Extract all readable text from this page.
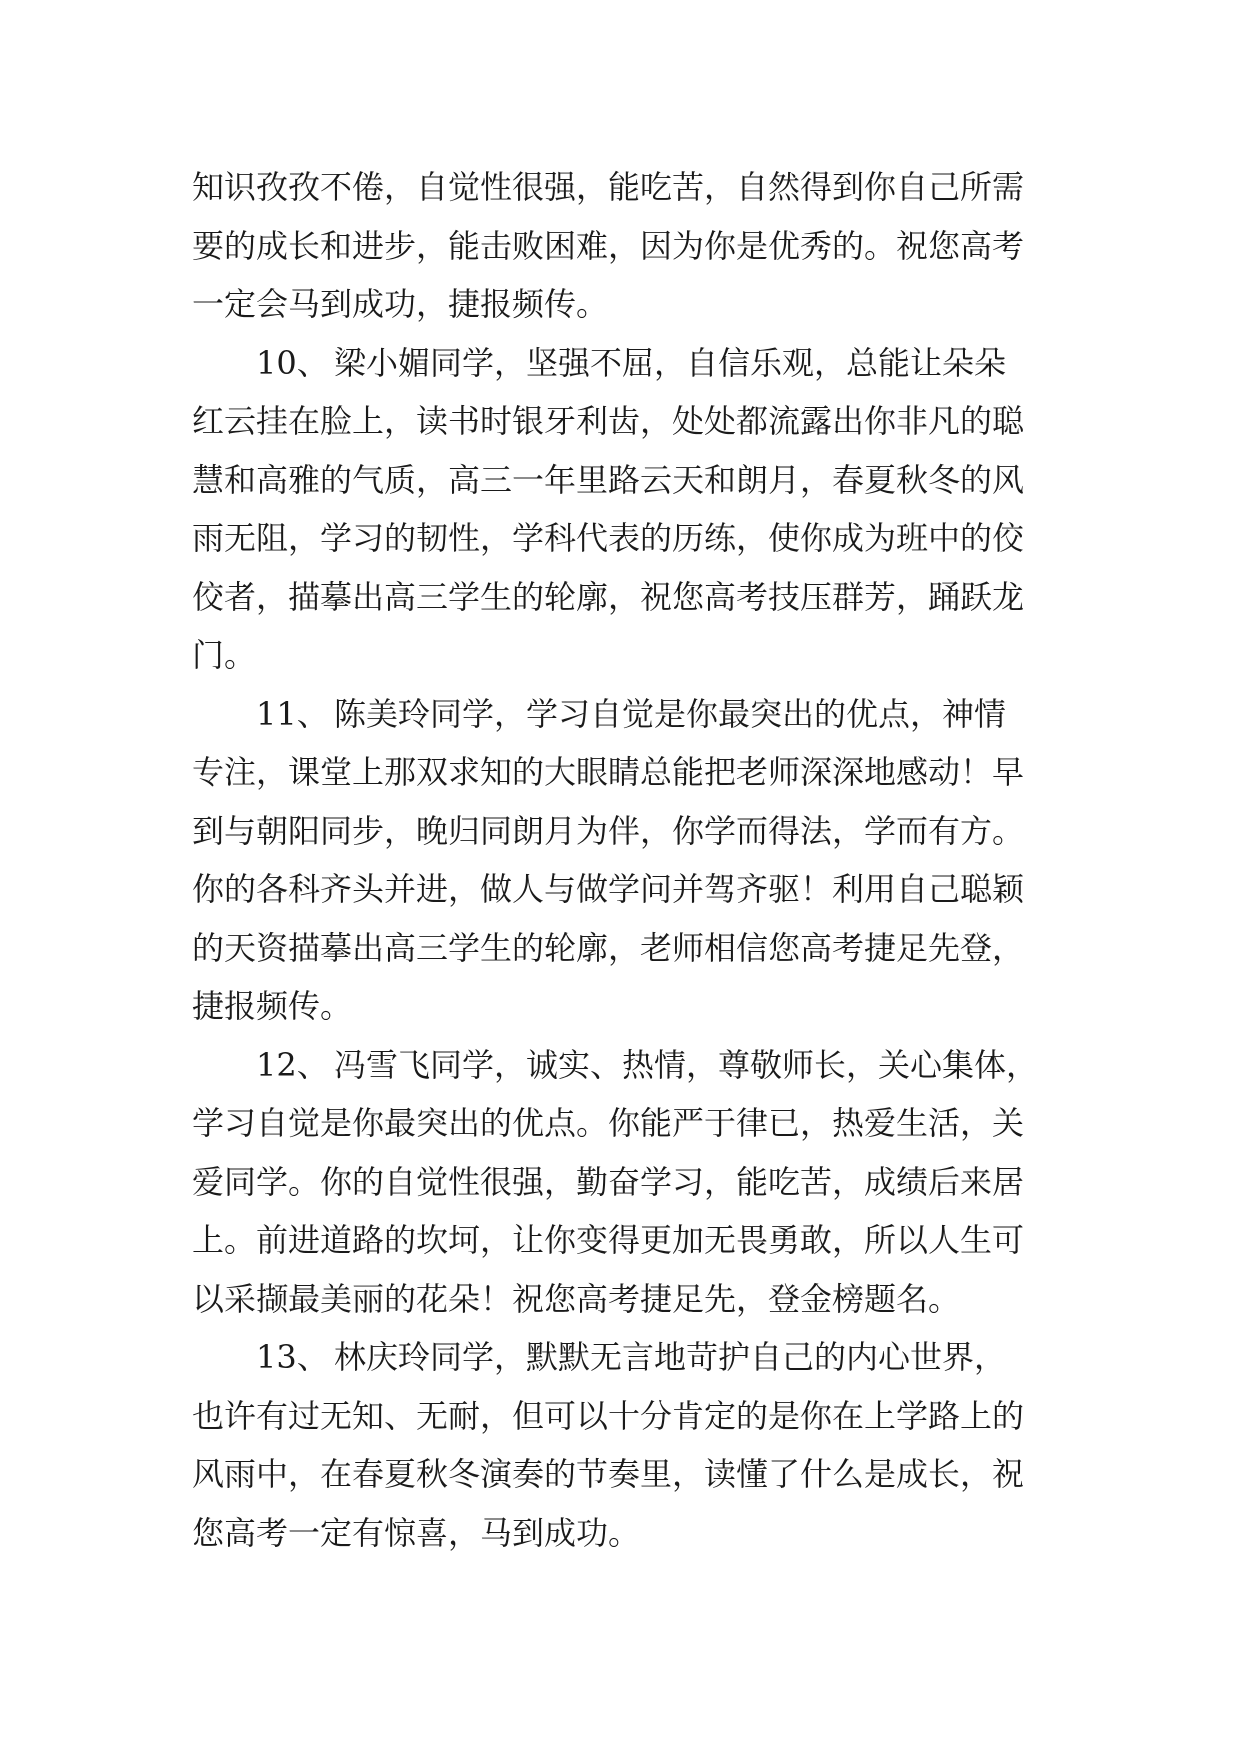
知识孜孜不倦，自觉性很强，能吃苦，自然得到你自己所需
要的成长和进步，能击败困难，因为你是优秀的。祝您高考
一定会马到成功，捷报频传。
10、 梁小媚同学，坚强不屈，自信乐观，总能让朵朵
红云挂在脸上，读书时银牙利齿，处处都流露出你非凡的聪
慧和高雅的气质，高三一年里路云天和朗月，春夏秋冬的风
雨无阻，学习的韧性，学科代表的历练，使你成为班中的佼
佼者，描摹出高三学生的轮廓，祝您高考技压群芳，踊跃龙
门。
11、 陈美玲同学，学习自觉是你最突出的优点，神情
专注，课堂上那双求知的大眼睛总能把老师深深地感动！早
到与朝阳同步，晚归同朗月为伴，你学而得法，学而有方。
你的各科齐头并进，做人与做学问并驾齐驱！利用自己聪颖
的天资描摹出高三学生的轮廓，老师相信您高考捷足先登，
捷报频传。
12、 冯雪飞同学，诚实、热情，尊敬师长，关心集体，
学习自觉是你最突出的优点。你能严于律已，热爱生活，关
爱同学。你的自觉性很强，勤奋学习，能吃苦，成绩后来居
上。前进道路的坎坷，让你变得更加无畏勇敢，所以人生可
以采撷最美丽的花朵！祝您高考捷足先，登金榜题名。
13、 林庆玲同学，默默无言地苛护自己的内心世界，
也许有过无知、无耐，但可以十分肯定的是你在上学路上的
风雨中，在春夏秋冬演奏的节奏里，读懂了什么是成长，祝
您高考一定有惊喜，马到成功。
